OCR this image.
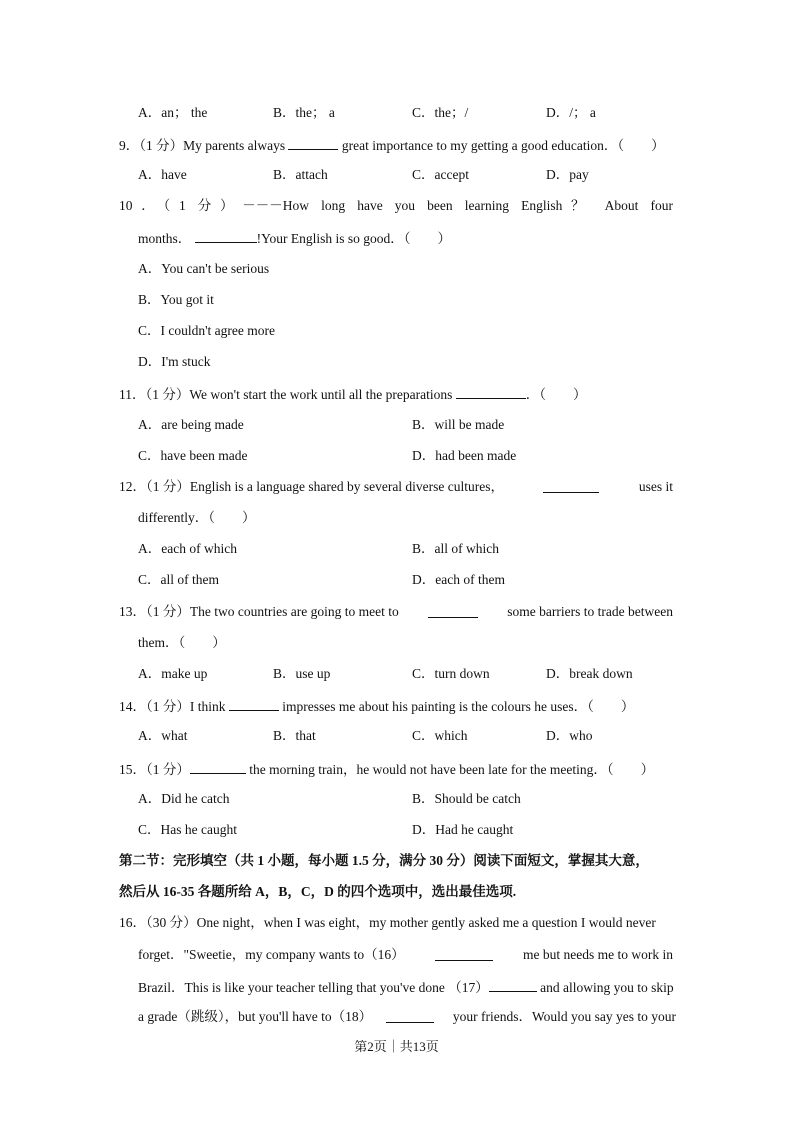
A．an； the	B．the； a	C．the；/	D．/； a
9．（1 分）My parents always	great importance to my getting a good education．（　　）
A．have	B．attach	C．accept	D．pay
10．（1 分）－－－How long have you been learning English？ About four
months．	!Your English is so good．（　　）
A．You can't be serious
B．You got it
C．I couldn't agree more
D．I'm stuck
11．（1 分）We won't start the work until all the preparations	．（　　）
A．are being made	B．will be made
C．have been made	D．had been made
12．（1 分）English is a language shared by several diverse cultures，	uses it
differently．（　　）
A．each of which	B．all of which
C．all of them	D．each of them
13．（1 分）The two countries are going to meet to	some barriers to trade between
them．（　　）
A．make up	B．use up	C．turn down	D．break down
14．（1 分）I think	impresses me about his painting is the colours he uses．（　　）
A．what	B．that	C．which	D．who
15．（1 分）	the morning train，he would not have been late for the meeting．（　　）
A．Did he catch	B．Should be catch
C．Has he caught	D．Had he caught
第二节：完形填空（共 1 小题，每小题 1.5 分，满分 30 分）阅读下面短文，掌握其大意，
然后从 16-35 各题所给 A，B，C，D 的四个选项中，选出最佳选项.
16．（30 分）One night，when I was eight，my mother gently asked me a question I would never
forget．"Sweetie，my company wants to（16）	me but needs me to work in
Brazil．This is like your teacher telling that you've done （17）	and allowing you to skip
a grade（跳级），but you'll have to（18）	your friends．Would you say yes to your
第2页｜共13页
